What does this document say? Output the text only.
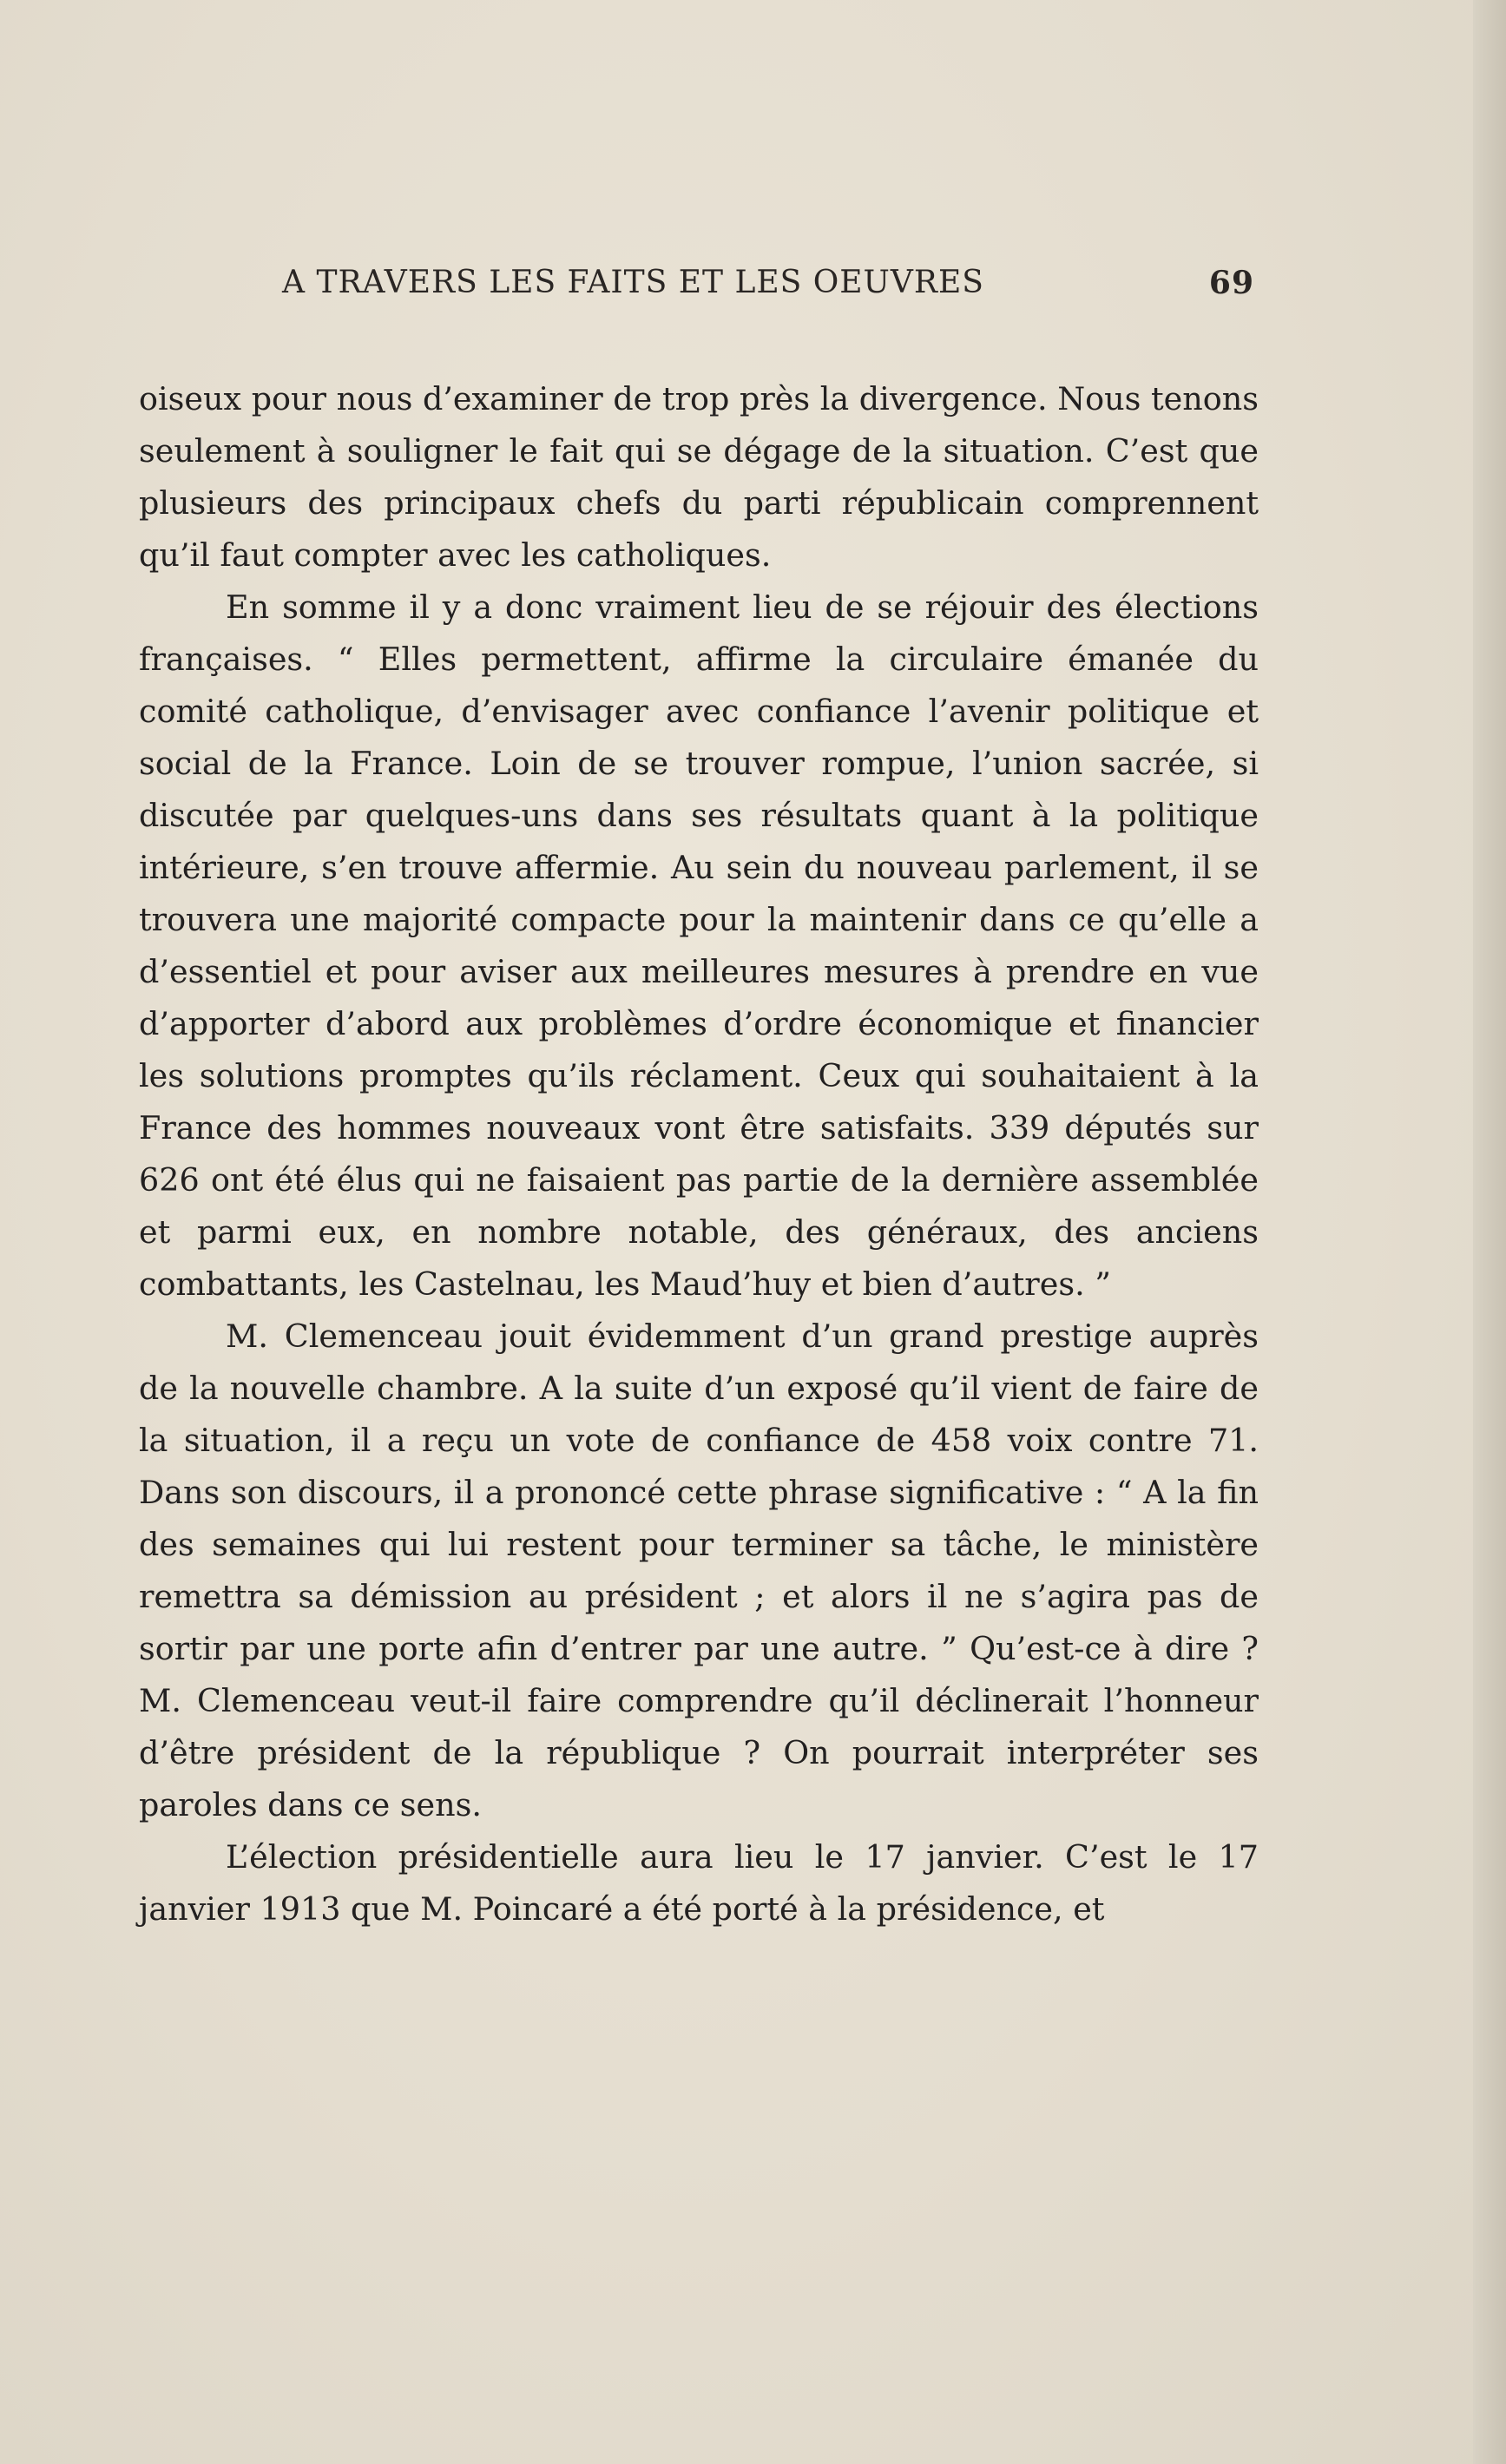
A TRAVERS LES FAITS ET LES OEUVRES	69

oiseux pour nous d’examiner de trop près la divergence. Nous tenons seulement à souligner le fait qui se dégage de la situation. C’est que plusieurs des principaux chefs du parti républicain comprennent qu’il faut compter avec les catholiques.

En somme il y a donc vraiment lieu de se réjouir des élections françaises. “ Elles permettent, affirme la circulaire émanée du comité catholique, d’envisager avec confiance l’avenir politique et social de la France. Loin de se trouver rompue, l’union sacrée, si discutée par quelques-uns dans ses résultats quant à la politique intérieure, s’en trouve affermie. Au sein du nouveau parlement, il se trouvera une majorité compacte pour la maintenir dans ce qu’elle a d’essentiel et pour aviser aux meilleures mesures à prendre en vue d’apporter d’abord aux problèmes d’ordre économique et financier les solutions promptes qu’ils réclament. Ceux qui souhaitaient à la France des hommes nouveaux vont être satisfaits. 339 députés sur 626 ont été élus qui ne faisaient pas partie de la dernière assemblée et parmi eux, en nombre notable, des généraux, des anciens combattants, les Castelnau, les Maud’huy et bien d’autres. ”

M. Clemenceau jouit évidemment d’un grand prestige auprès de la nouvelle chambre. A la suite d’un exposé qu’il vient de faire de la situation, il a reçu un vote de confiance de 458 voix contre 71. Dans son discours, il a prononcé cette phrase significative : “ A la fin des semaines qui lui restent pour terminer sa tâche, le ministère remettra sa démission au président ; et alors il ne s’agira pas de sortir par une porte afin d’entrer par une autre. ” Qu’est-ce à dire ? M. Clemenceau veut-il faire comprendre qu’il déclinerait l’honneur d’être président de la république ? On pourrait interpréter ses paroles dans ce sens.

L’élection présidentielle aura lieu le 17 janvier. C’est le 17 janvier 1913 que M. Poincaré a été porté à la présidence, et
